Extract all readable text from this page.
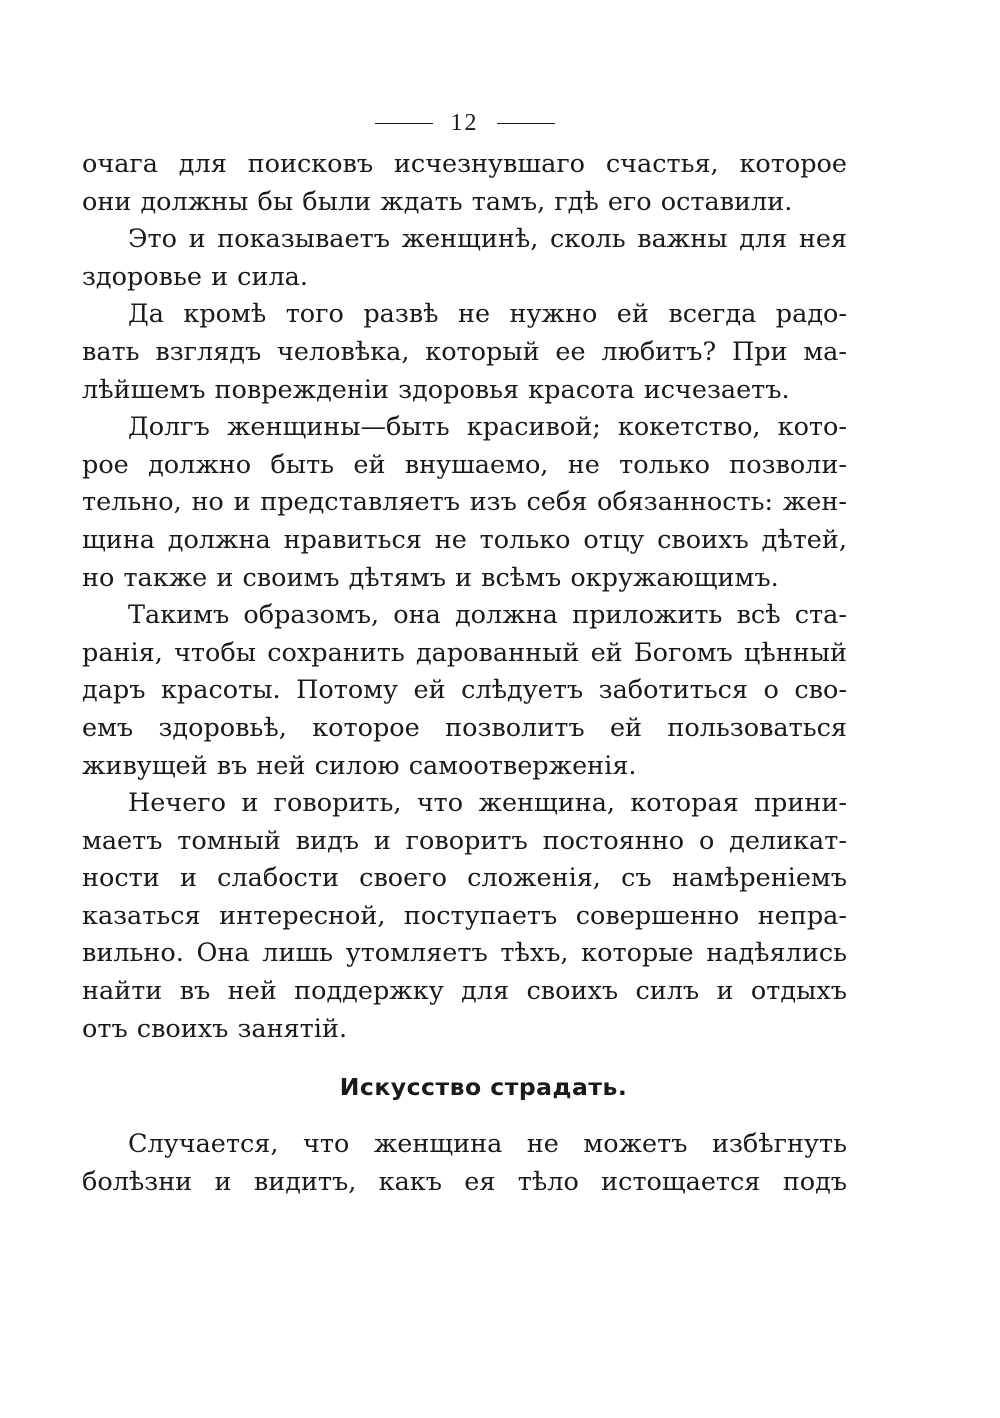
12
очага для поисковъ исчезнувшаго счастья, которое
они должны бы были ждать тамъ, гдѣ его оставили.
Это и показываетъ женщинѣ, сколь важны для нея
здоровье и сила.
Да кромѣ того развѣ не нужно ей всегда радо-
вать взглядъ человѣка, который ее любитъ? При ма-
лѣйшемъ поврежденіи здоровья красота исчезаетъ.
Долгъ женщины—быть красивой; кокетство, кото-
рое должно быть ей внушаемо, не только позволи-
тельно, но и представляетъ изъ себя обязанность: жен-
щина должна нравиться не только отцу своихъ дѣтей,
но также и своимъ дѣтямъ и всѣмъ окружающимъ.
Такимъ образомъ, она должна приложить всѣ ста-
ранія, чтобы сохранить дарованный ей Богомъ цѣнный
даръ красоты. Потому ей слѣдуетъ заботиться о сво-
емъ здоровьѣ, которое позволитъ ей пользоваться
живущей въ ней силою самоотверженія.
Нечего и говорить, что женщина, которая прини-
маетъ томный видъ и говоритъ постоянно о деликат-
ности и слабости своего сложенія, съ намѣреніемъ
казаться интересной, поступаетъ совершенно непра-
вильно. Она лишь утомляетъ тѣхъ, которые надѣялись
найти въ ней поддержку для своихъ силъ и отдыхъ
отъ своихъ занятій.
Искусство страдать.
Случается, что женщина не можетъ избѣгнуть
болѣзни и видитъ, какъ ея тѣло истощается подъ
